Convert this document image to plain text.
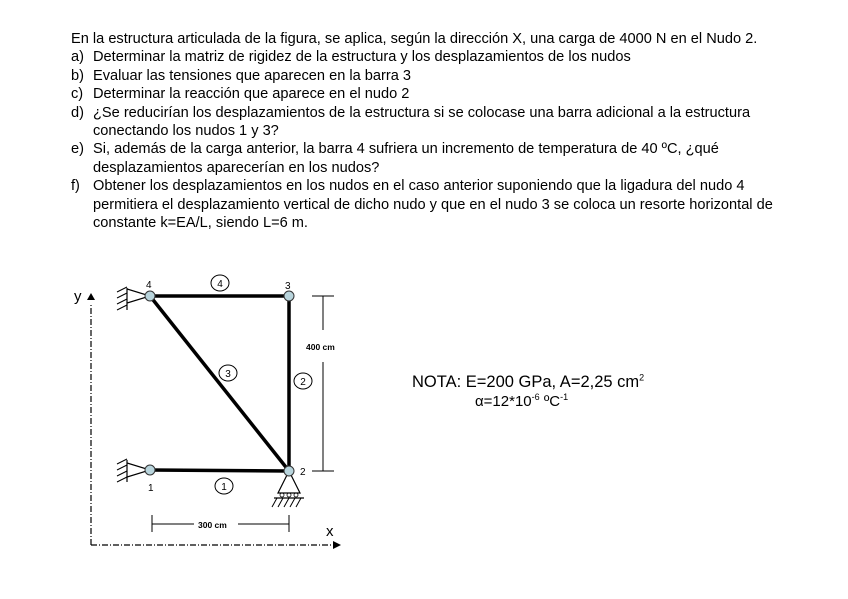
En la estructura articulada de la figura, se aplica, según la dirección X, una carga de 4000 N en el Nudo 2.

a) Determinar la matriz de rigidez de la estructura y los desplazamientos de los nudos
b) Evaluar las tensiones que aparecen en la barra 3
c) Determinar la reacción que aparece en el nudo 2
d) ¿Se reducirían los desplazamientos de la estructura si se colocase una barra adicional a la estructura conectando los nudos 1 y 3?
e) Si, además de la carga anterior, la barra 4 sufriera un incremento de temperatura de 40 ºC, ¿qué desplazamientos aparecerían en los nudos?
f) Obtener los desplazamientos en los nudos en el caso anterior suponiendo que la ligadura del nudo 4 permitiera el desplazamiento vertical de dicho nudo y que en el nudo 3 se coloca un resorte horizontal de constante k=EA/L, siendo L=6 m.
y
x
4	3
1
2
4
2
3
1
400 cm
300 cm
NOTA: E=200 GPa, A=2,25 $cm^2$
$\alpha=12*10^{-6}$ ºC$^{-1}$
